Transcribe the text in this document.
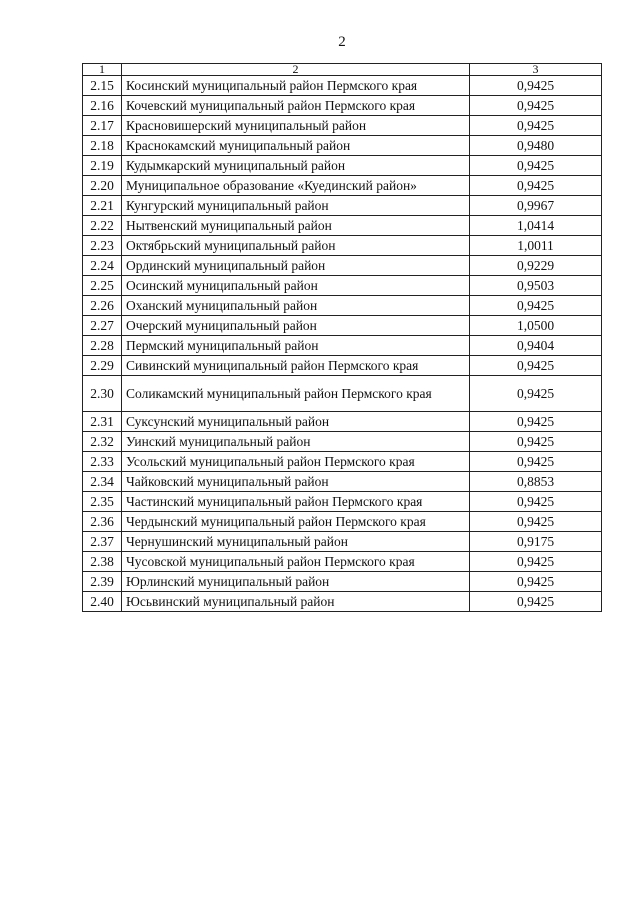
2
1	2	3
2.15	Косинский муниципальный район Пермского края	0,9425
2.16	Кочевский муниципальный район Пермского края	0,9425
2.17	Красновишерский муниципальный район	0,9425
2.18	Краснокамский муниципальный район	0,9480
2.19	Кудымкарский муниципальный район	0,9425
2.20	Муниципальное образование «Куединский район»	0,9425
2.21	Кунгурский муниципальный район	0,9967
2.22	Нытвенский муниципальный район	1,0414
2.23	Октябрьский муниципальный район	1,0011
2.24	Ординский муниципальный район	0,9229
2.25	Осинский муниципальный район	0,9503
2.26	Оханский муниципальный район	0,9425
2.27	Очерский муниципальный район	1,0500
2.28	Пермский муниципальный район	0,9404
2.29	Сивинский муниципальный район Пермского края	0,9425
2.30	Соликамский муниципальный район Пермского края	0,9425
2.31	Суксунский муниципальный район	0,9425
2.32	Уинский муниципальный район	0,9425
2.33	Усольский муниципальный район Пермского края	0,9425
2.34	Чайковский муниципальный район	0,8853
2.35	Частинский муниципальный район Пермского края	0,9425
2.36	Чердынский муниципальный район Пермского края	0,9425
2.37	Чернушинский муниципальный район	0,9175
2.38	Чусовской муниципальный район Пермского края	0,9425
2.39	Юрлинский муниципальный район	0,9425
2.40	Юсьвинский муниципальный район	0,9425
